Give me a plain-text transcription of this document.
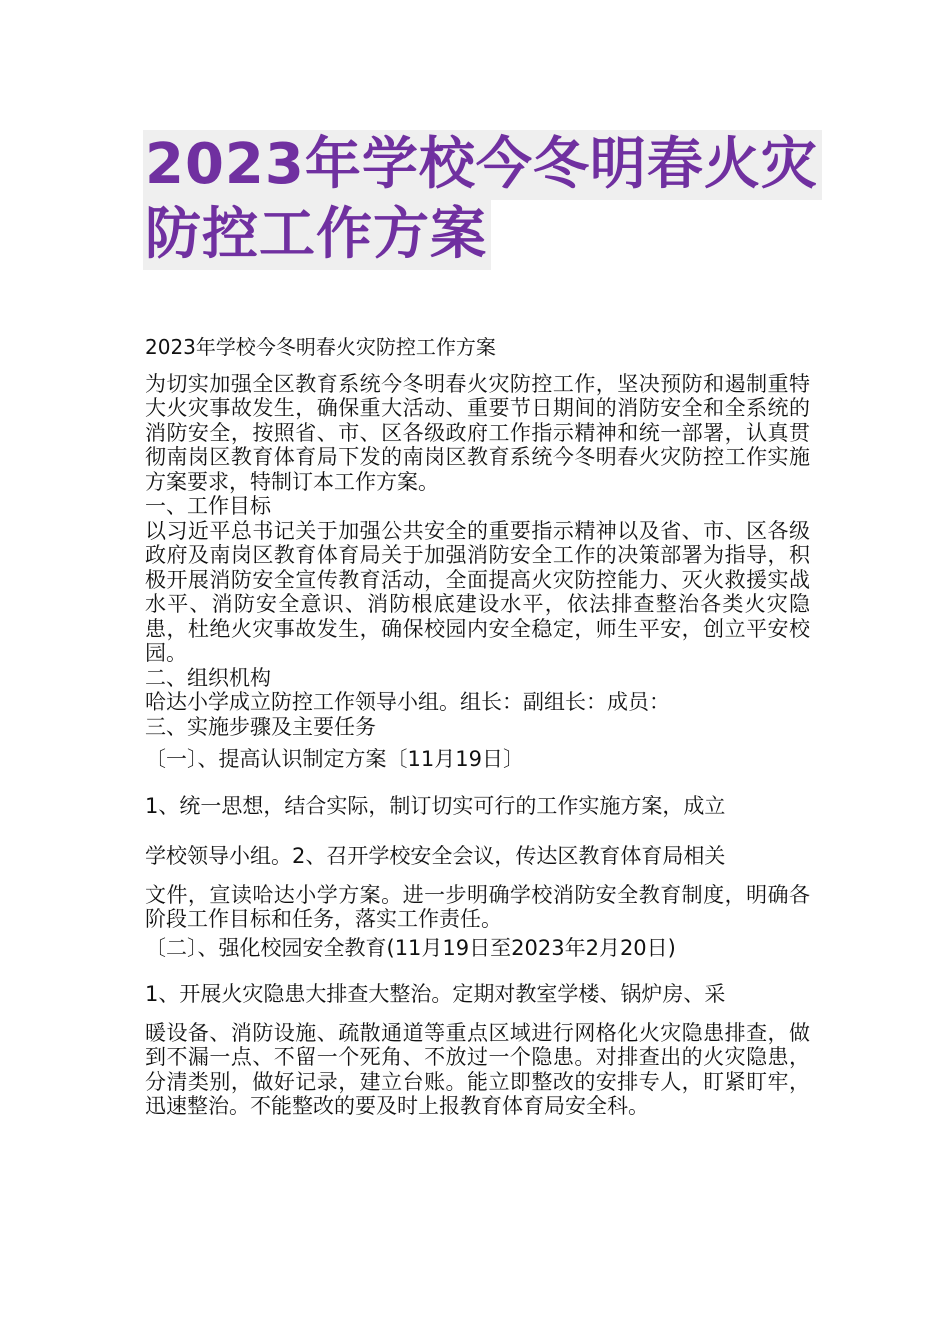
2023年学校今冬明春火灾
防控工作方案

2023年学校今冬明春火灾防控工作方案

为切实加强全区教育系统今冬明春火灾防控工作，坚决预防和遏制重特大火灾事故发生，确保重大活动、重要节日期间的消防安全和全系统的消防安全，按照省、市、区各级政府工作指示精神和统一部署，认真贯彻南岗区教育体育局下发的南岗区教育系统今冬明春火灾防控工作实施方案要求，特制订本工作方案。

一、工作目标

以习近平总书记关于加强公共安全的重要指示精神以及省、市、区各级政府及南岗区教育体育局关于加强消防安全工作的决策部署为指导，积极开展消防安全宣传教育活动，全面提高火灾防控能力、灭火救援实战水平、消防安全意识、消防根底建设水平，依法排查整治各类火灾隐患，杜绝火灾事故发生，确保校园内安全稳定，师生平安，创立平安校园。

二、组织机构

哈达小学成立防控工作领导小组。组长：副组长：成员：

三、实施步骤及主要任务

〔一〕、提高认识制定方案〔11月19日〕

1、统一思想，结合实际，制订切实可行的工作实施方案，成立

学校领导小组。2、召开学校安全会议，传达区教育体育局相关

文件，宣读哈达小学方案。进一步明确学校消防安全教育制度，明确各阶段工作目标和任务，落实工作责任。

〔二〕、强化校园安全教育(11月19日至2023年2月20日)

1、开展火灾隐患大排查大整治。定期对教室学楼、锅炉房、采

暖设备、消防设施、疏散通道等重点区域进行网格化火灾隐患排查，做到不漏一点、不留一个死角、不放过一个隐患。对排查出的火灾隐患，分清类别，做好记录，建立台账。能立即整改的安排专人，盯紧盯牢，迅速整治。不能整改的要及时上报教育体育局安全科。
